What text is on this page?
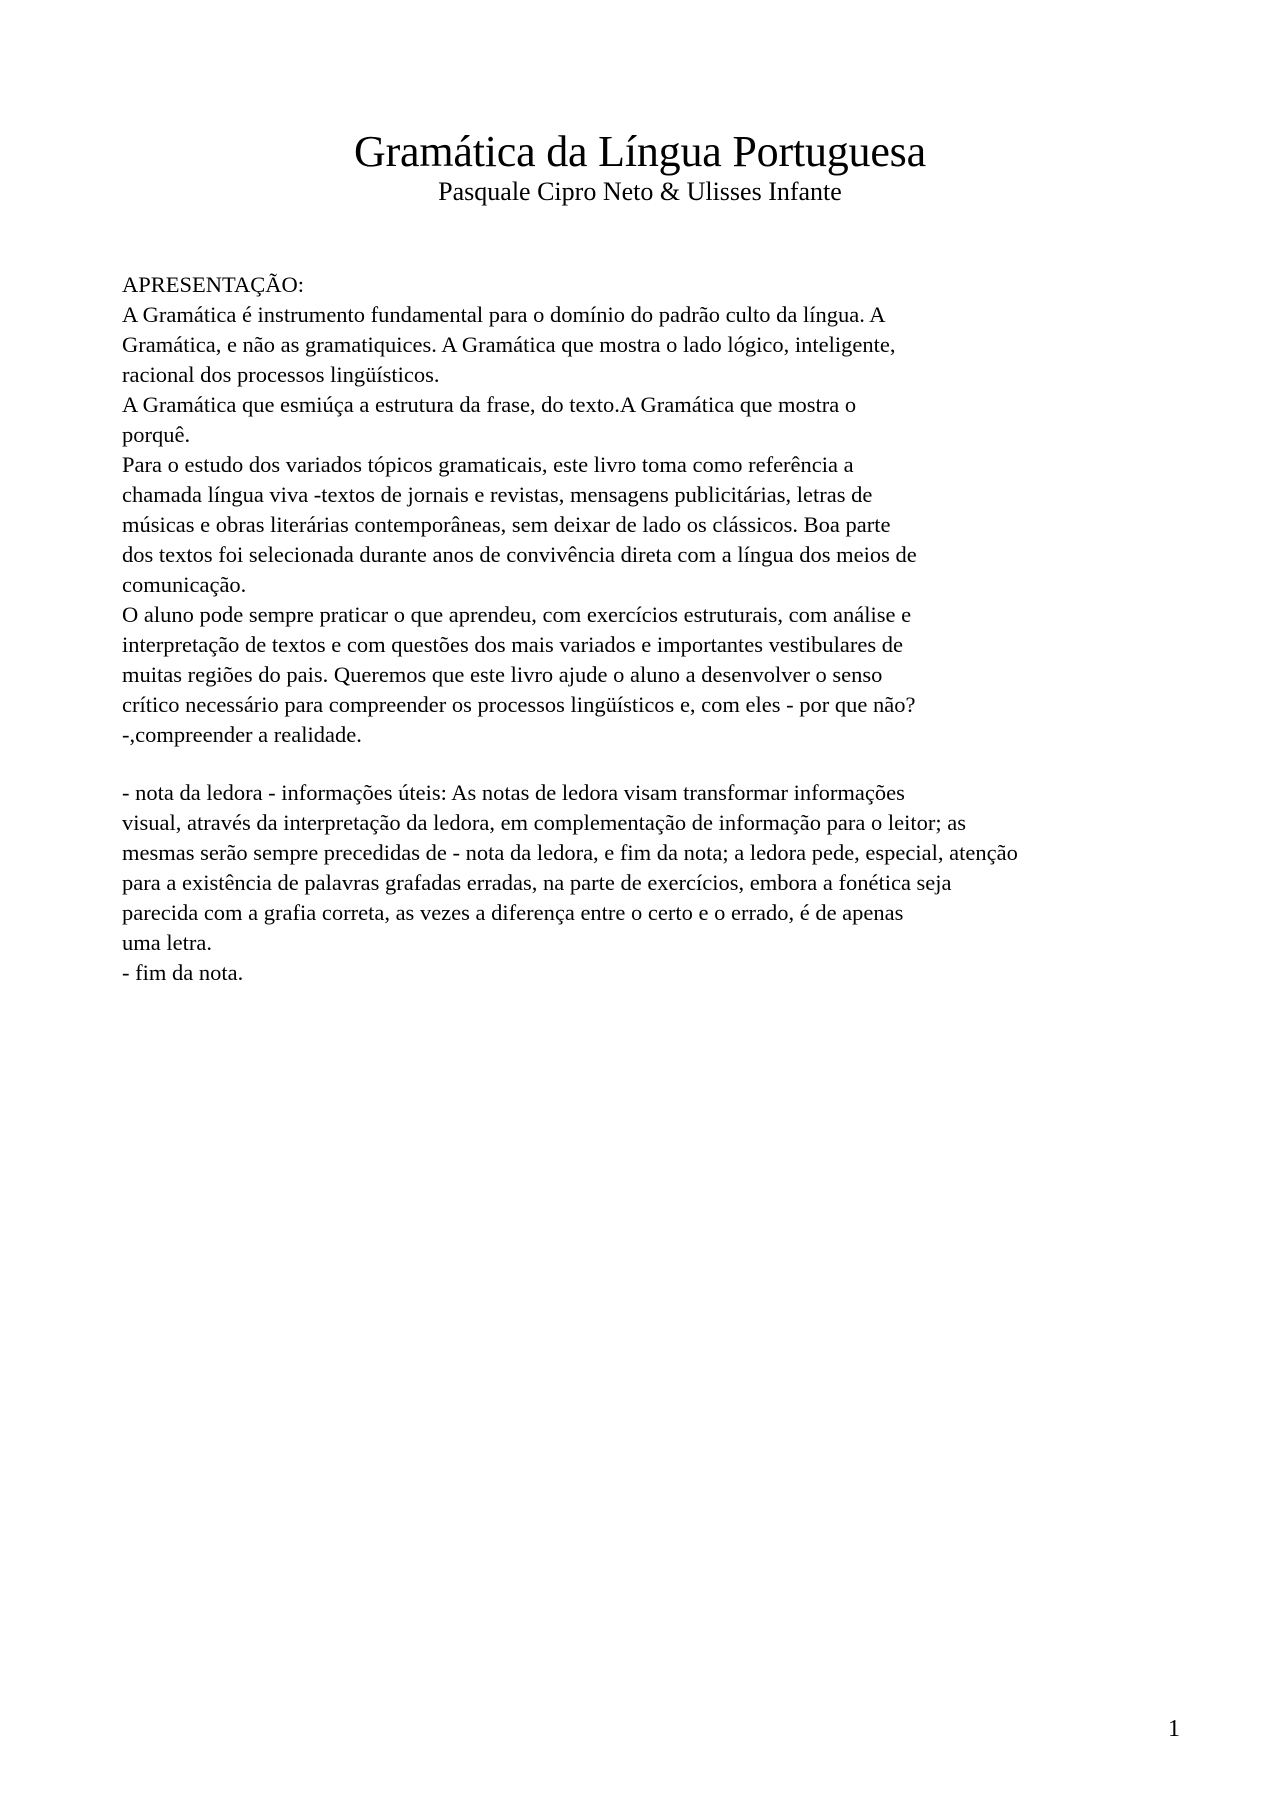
Gramática da Língua Portuguesa
Pasquale Cipro Neto & Ulisses Infante
APRESENTAÇÃO:
A Gramática é instrumento fundamental para o domínio do padrão culto da língua. A
Gramática, e não as gramatiquices. A Gramática que mostra o lado lógico, inteligente,
racional dos processos lingüísticos.
A Gramática que esmiúça a estrutura da frase, do texto.A Gramática que mostra o
porquê.
Para o estudo dos variados tópicos gramaticais, este livro toma como referência a
chamada língua viva -textos de jornais e revistas, mensagens publicitárias, letras de
músicas e obras literárias contemporâneas, sem deixar de lado os clássicos. Boa parte
dos textos foi selecionada durante anos de convivência direta com a língua dos meios de
comunicação.
O aluno pode sempre praticar o que aprendeu, com exercícios estruturais, com análise e
interpretação de textos e com questões dos mais variados e importantes vestibulares de
muitas regiões do pais. Queremos que este livro ajude o aluno a desenvolver o senso
crítico necessário para compreender os processos lingüísticos e, com eles - por que não?
-,compreender a realidade.
- nota da ledora - informações úteis: As notas de ledora visam transformar informações
visual, através da interpretação da ledora, em complementação de informação para o leitor; as
mesmas serão sempre precedidas de - nota da ledora, e fim da nota; a ledora pede, especial, atenção
para a existência de palavras grafadas erradas, na parte de exercícios, embora a fonética seja
parecida com a grafia correta, as vezes a diferença entre o certo e o errado, é de apenas
uma letra.
- fim da nota.
1
